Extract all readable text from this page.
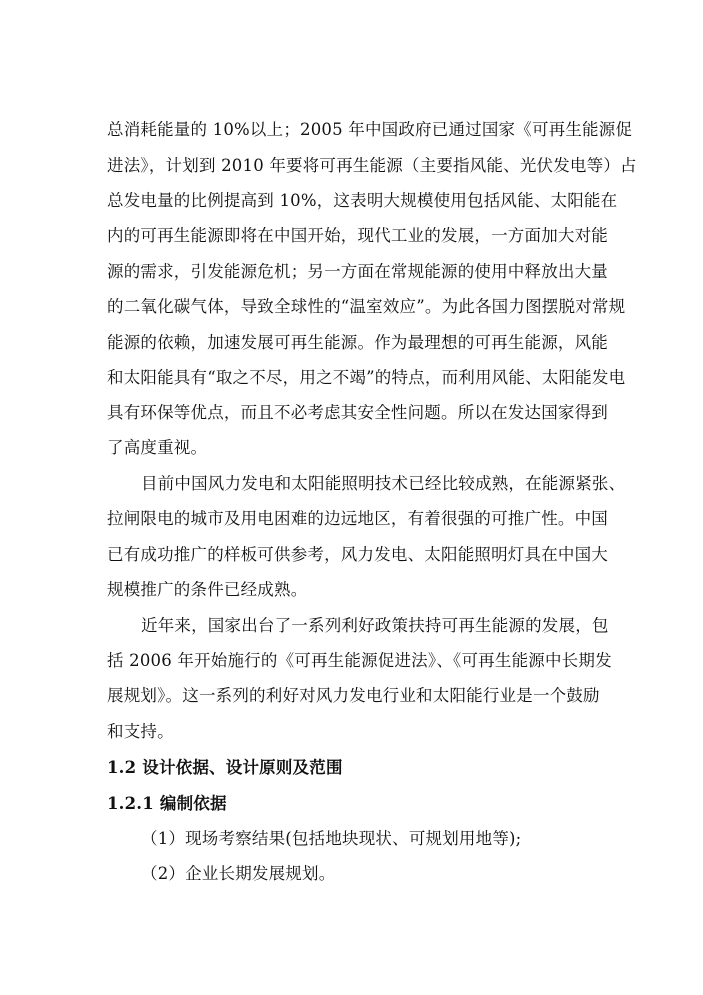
总消耗能量的 10%以上；2005 年中国政府已通过国家《可再生能源促
进法》，计划到 2010 年要将可再生能源（主要指风能、光伏发电等）占
总发电量的比例提高到 10%，这表明大规模使用包括风能、太阳能在
内的可再生能源即将在中国开始，现代工业的发展，一方面加大对能
源的需求，引发能源危机；另一方面在常规能源的使用中释放出大量
的二氧化碳气体，导致全球性的“温室效应”。为此各国力图摆脱对常规
能源的依赖，加速发展可再生能源。作为最理想的可再生能源，风能
和太阳能具有“取之不尽，用之不竭”的特点，而利用风能、太阳能发电
具有环保等优点，而且不必考虑其安全性问题。所以在发达国家得到
了高度重视。
目前中国风力发电和太阳能照明技术已经比较成熟，在能源紧张、
拉闸限电的城市及用电困难的边远地区，有着很强的可推广性。中国
已有成功推广的样板可供参考，风力发电、太阳能照明灯具在中国大
规模推广的条件已经成熟。
近年来，国家出台了一系列利好政策扶持可再生能源的发展，包
括 2006 年开始施行的《可再生能源促进法》、《可再生能源中长期发
展规划》。这一系列的利好对风力发电行业和太阳能行业是一个鼓励
和支持。
1.2 设计依据、设计原则及范围
1.2.1 编制依据
（1）现场考察结果(包括地块现状、可规划用地等);
（2）企业长期发展规划。
